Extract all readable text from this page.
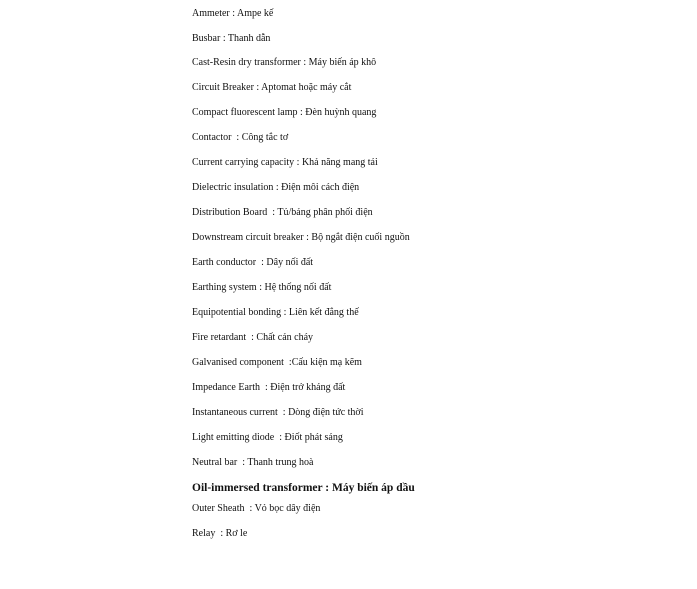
Ammeter : Ampe kế
Busbar : Thanh dẫn
Cast-Resin dry transformer : Máy biến áp khô
Circuit Breaker : Aptomat hoặc máy cắt
Compact fluorescent lamp : Đèn huỳnh quang
Contactor  : Công tắc tơ
Current carrying capacity : Khả năng mang tải
Dielectric insulation : Điện môi cách điện
Distribution Board  : Tủ/bảng phân phối điện
Downstream circuit breaker : Bộ ngắt điện cuối nguồn
Earth conductor  : Dây nối đất
Earthing system : Hệ thống nối đất
Equipotential bonding : Liên kết đẳng thế
Fire retardant  : Chất cản cháy
Galvanised component  :Cấu kiện mạ kẽm
Impedance Earth  : Điện trở kháng đất
Instantaneous current  : Dòng điện tức thời
Light emitting diode  : Điốt phát sáng
Neutral bar  : Thanh trung hoà
Oil-immersed transformer : Máy biến áp dầu
Outer Sheath  : Vỏ bọc dây điện
Relay  : Rơ le
